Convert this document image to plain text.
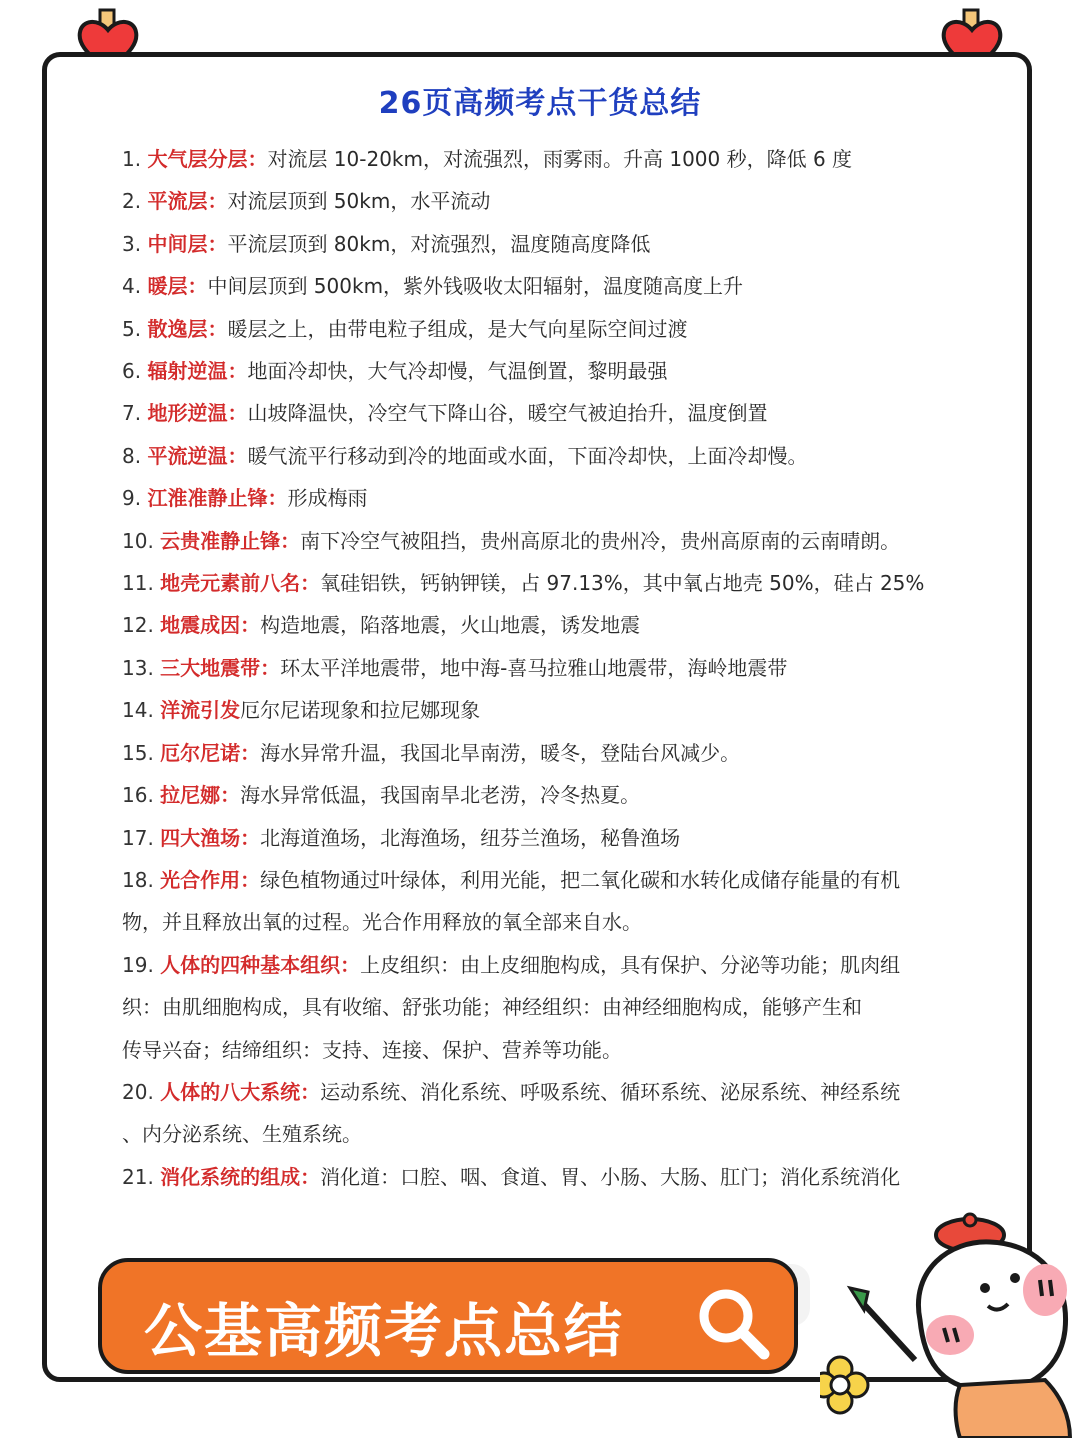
26页高频考点干货总结
1. 大气层分层：对流层 10-20km，对流强烈，雨雾雨。升高 1000 秒，降低 6 度
2. 平流层：对流层顶到 50km，水平流动
3. 中间层：平流层顶到 80km，对流强烈，温度随高度降低
4. 暖层：中间层顶到 500km，紫外钱吸收太阳辐射，温度随高度上升
5. 散逸层：暖层之上，由带电粒子组成，是大气向星际空间过渡
6. 辐射逆温：地面冷却快，大气冷却慢，气温倒置，黎明最强
7. 地形逆温：山坡降温快，冷空气下降山谷，暖空气被迫抬升，温度倒置
8. 平流逆温：暖气流平行移动到冷的地面或水面，下面冷却快，上面冷却慢。
9. 江淮准静止锋：形成梅雨
10. 云贵准静止锋：南下冷空气被阻挡，贵州高原北的贵州冷，贵州高原南的云南晴朗。
11. 地壳元素前八名：氧硅铝铁，钙钠钾镁，占 97.13%，其中氧占地壳 50%，硅占 25%
12. 地震成因：构造地震，陷落地震，火山地震，诱发地震
13. 三大地震带：环太平洋地震带，地中海-喜马拉雅山地震带，海岭地震带
14. 洋流引发厄尔尼诺现象和拉尼娜现象
15. 厄尔尼诺：海水异常升温，我国北旱南涝，暖冬，登陆台风减少。
16. 拉尼娜：海水异常低温，我国南旱北老涝，冷冬热夏。
17. 四大渔场：北海道渔场，北海渔场，纽芬兰渔场，秘鲁渔场
18. 光合作用：绿色植物通过叶绿体，利用光能，把二氧化碳和水转化成储存能量的有机
物，并且释放出氧的过程。光合作用释放的氧全部来自水。
19. 人体的四种基本组织：上皮组织：由上皮细胞构成，具有保护、分泌等功能；肌肉组
织：由肌细胞构成，具有收缩、舒张功能；神经组织：由神经细胞构成，能够产生和
传导兴奋；结缔组织：支持、连接、保护、营养等功能。
20. 人体的八大系统：运动系统、消化系统、呼吸系统、循环系统、泌尿系统、神经系统
、内分泌系统、生殖系统。
21. 消化系统的组成：消化道：口腔、咽、食道、胃、小肠、大肠、肛门；消化系统消化
公基高频考点总结
